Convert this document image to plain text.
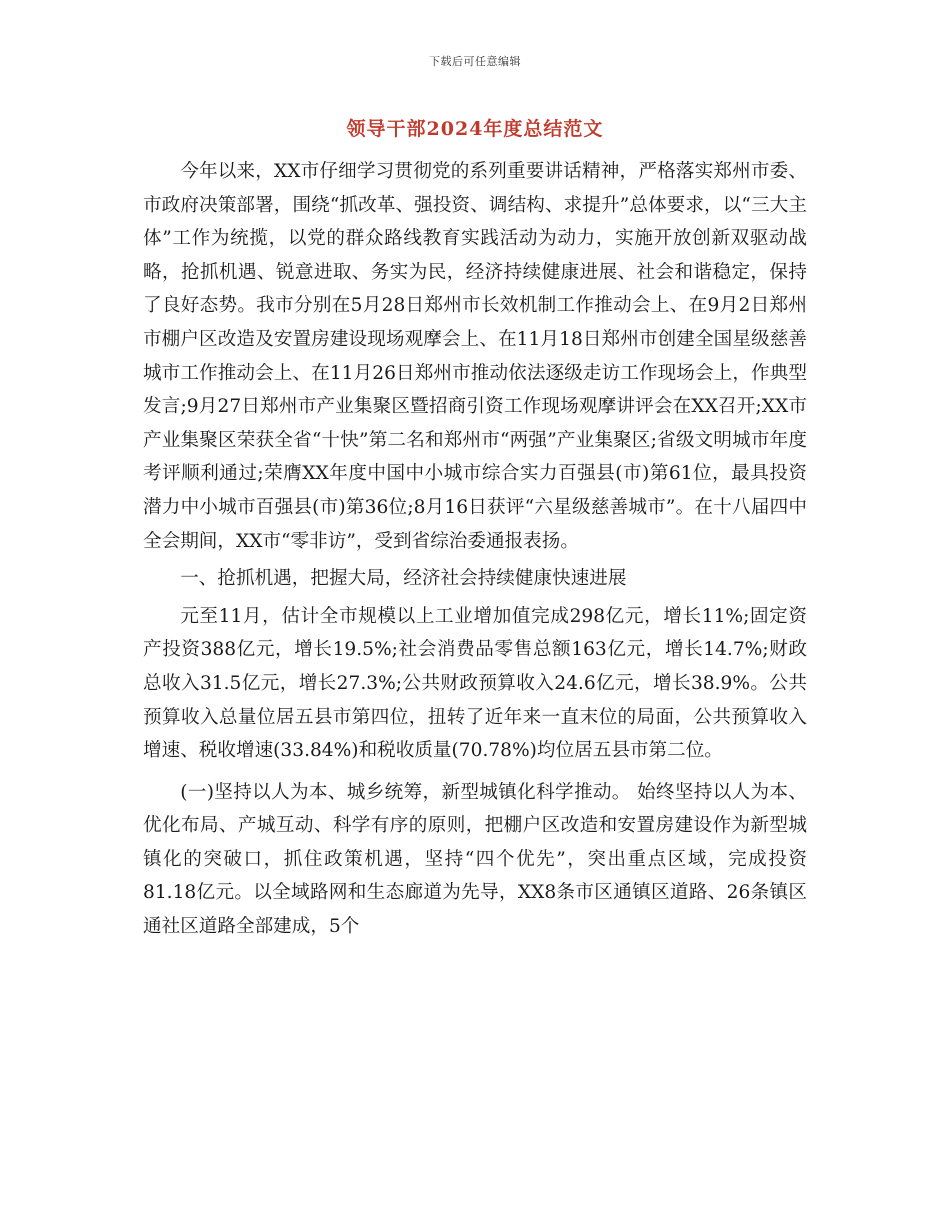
下载后可任意编辑
领导干部2024年度总结范文

今年以来，XX市仔细学习贯彻党的系列重要讲话精神，严格落实郑州市委、市政府决策部署，围绕“抓改革、强投资、调结构、求提升”总体要求，以“三大主体”工作为统揽，以党的群众路线教育实践活动为动力，实施开放创新双驱动战略，抢抓机遇、锐意进取、务实为民，经济持续健康进展、社会和谐稳定，保持了良好态势。我市分别在5月28日郑州市长效机制工作推动会上、在9月2日郑州市棚户区改造及安置房建设现场观摩会上、在11月18日郑州市创建全国星级慈善城市工作推动会上、在11月26日郑州市推动依法逐级走访工作现场会上，作典型发言;9月27日郑州市产业集聚区暨招商引资工作现场观摩讲评会在XX召开;XX市产业集聚区荣获全省“十快”第二名和郑州市“两强”产业集聚区;省级文明城市年度考评顺利通过;荣膺XX年度中国中小城市综合实力百强县(市)第61位，最具投资潜力中小城市百强县(市)第36位;8月16日获评“六星级慈善城市”。在十八届四中全会期间，XX市“零非访”，受到省综治委通报表扬。

一、抢抓机遇，把握大局，经济社会持续健康快速进展

元至11月，估计全市规模以上工业增加值完成298亿元，增长11%;固定资产投资388亿元，增长19.5%;社会消费品零售总额163亿元，增长14.7%;财政总收入31.5亿元，增长27.3%;公共财政预算收入24.6亿元，增长38.9%。公共预算收入总量位居五县市第四位，扭转了近年来一直末位的局面，公共预算收入增速、税收增速(33.84%)和税收质量(70.78%)均位居五县市第二位。

(一)坚持以人为本、城乡统筹，新型城镇化科学推动。 始终坚持以人为本、优化布局、产城互动、科学有序的原则，把棚户区改造和安置房建设作为新型城镇化的突破口，抓住政策机遇，坚持“四个优先”，突出重点区域，完成投资81.18亿元。以全域路网和生态廊道为先导，XX8条市区通镇区道路、26条镇区通社区道路全部建成，5个
